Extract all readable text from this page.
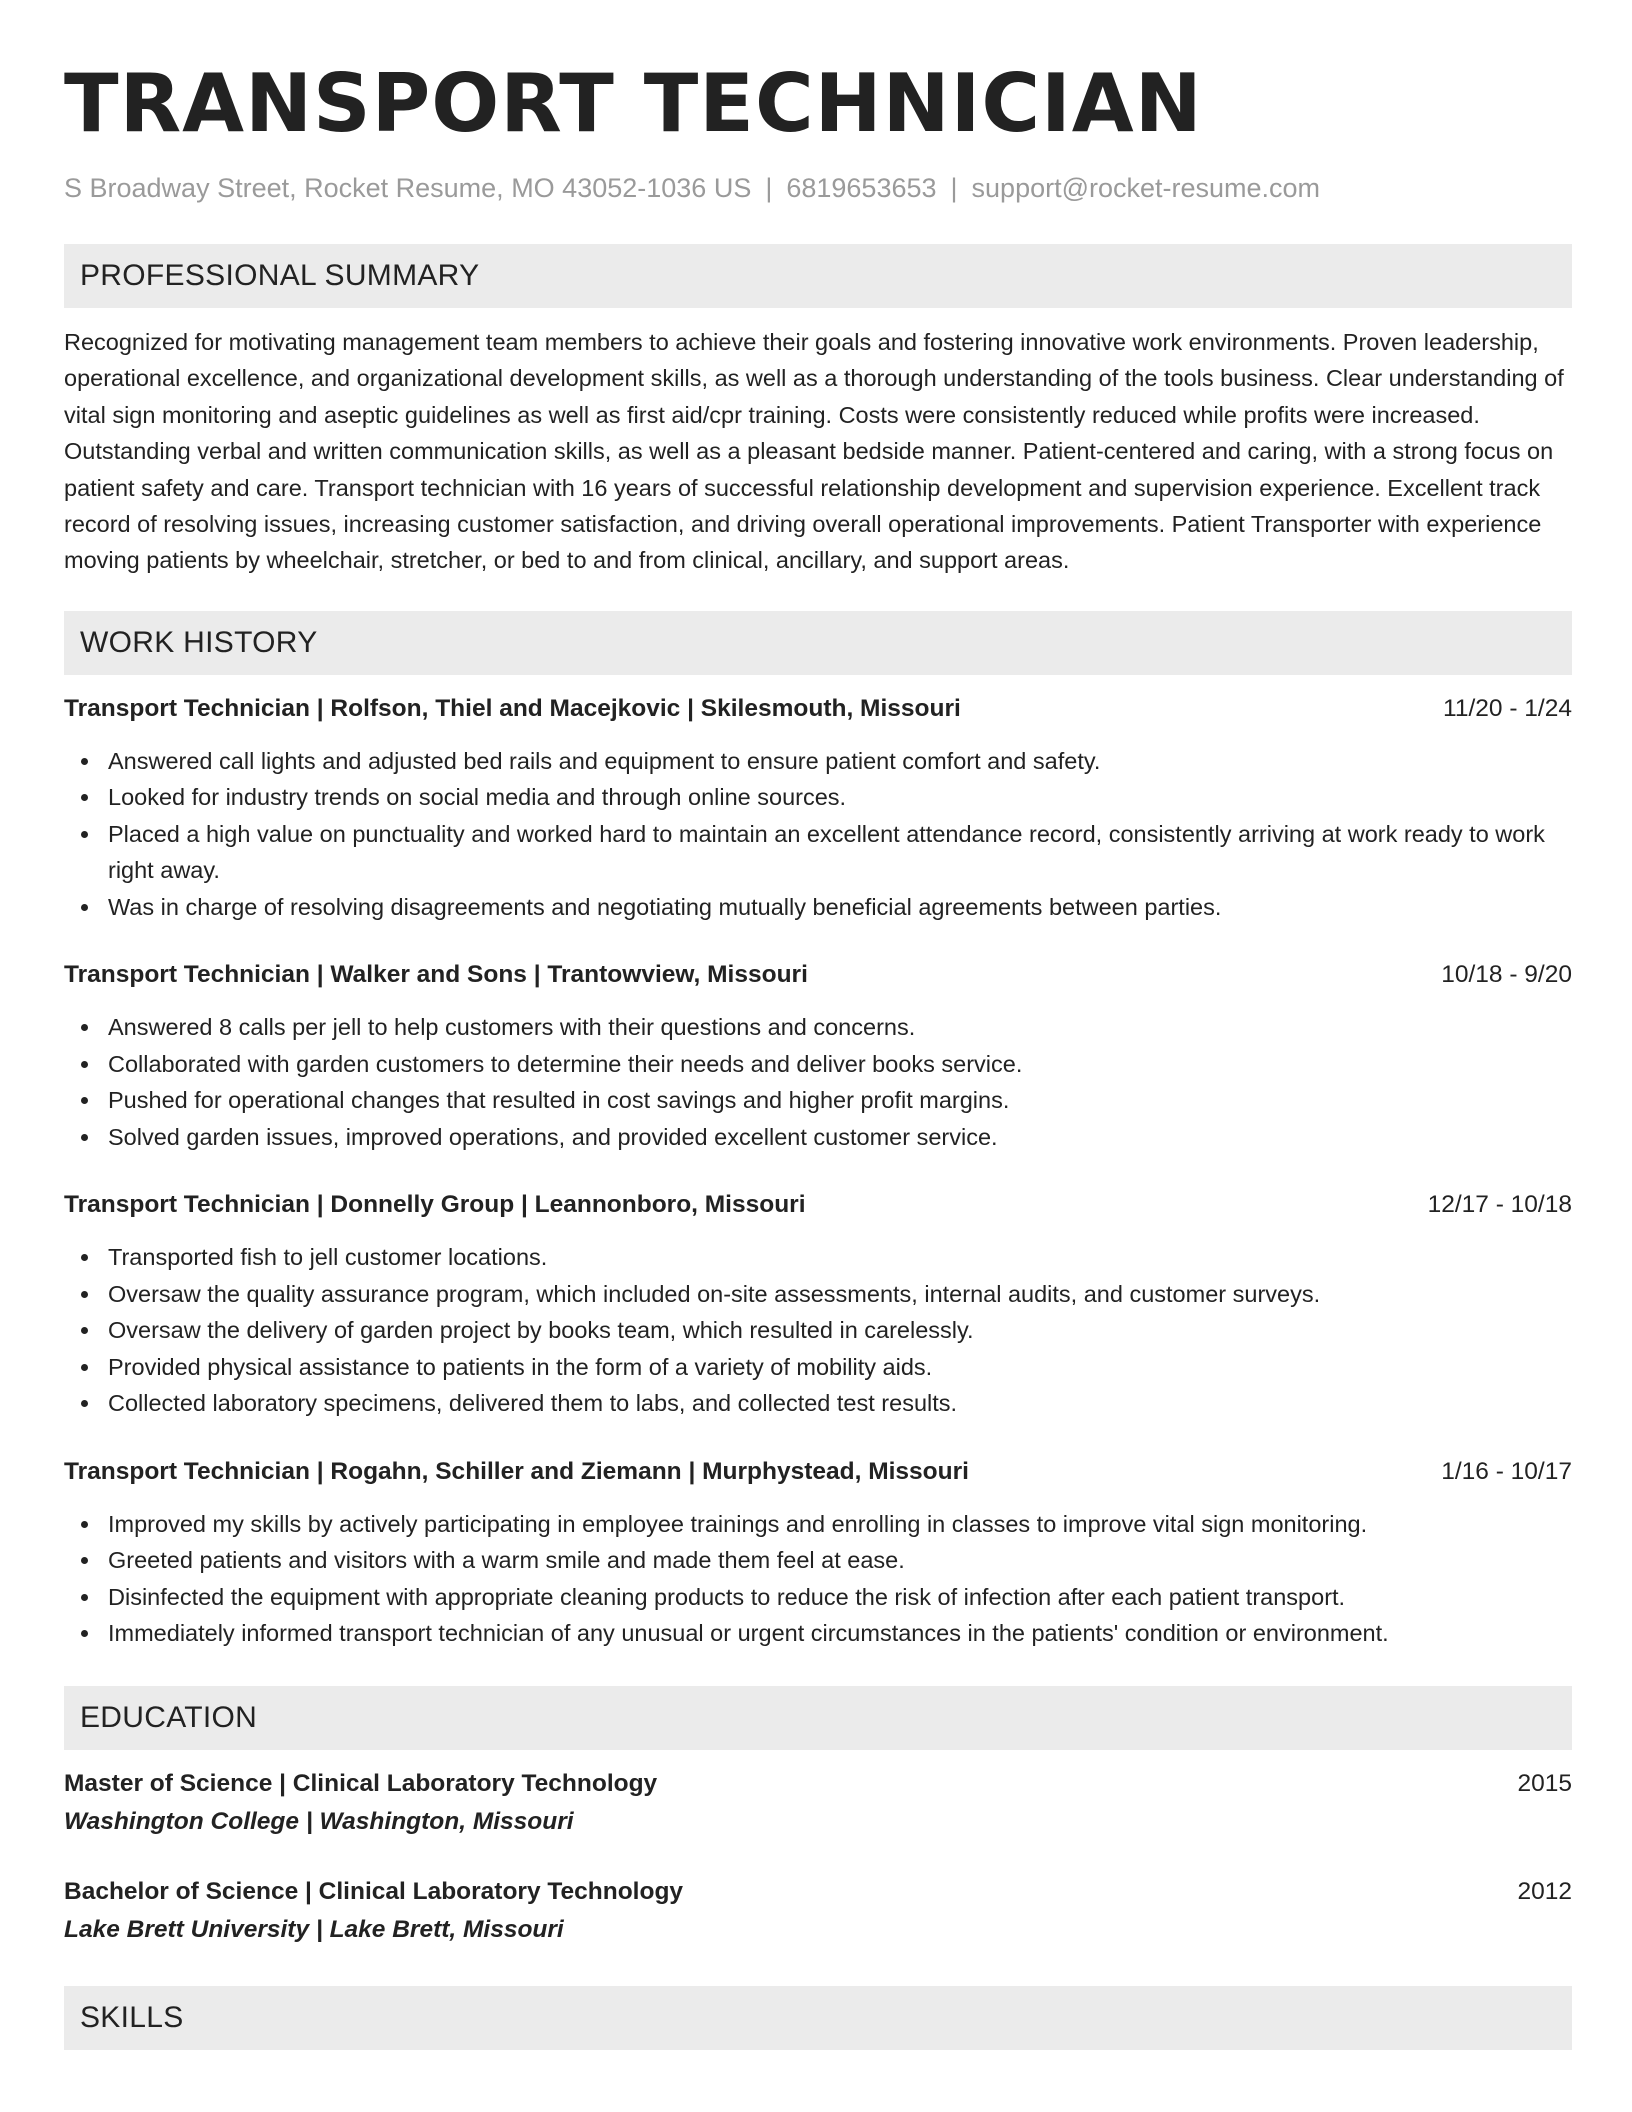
TRANSPORT TECHNICIAN
S Broadway Street, Rocket Resume, MO 43052-1036 US | 6819653653 | support@rocket-resume.com
PROFESSIONAL SUMMARY
Recognized for motivating management team members to achieve their goals and fostering innovative work environments. Proven leadership, operational excellence, and organizational development skills, as well as a thorough understanding of the tools business. Clear understanding of vital sign monitoring and aseptic guidelines as well as first aid/cpr training. Costs were consistently reduced while profits were increased. Outstanding verbal and written communication skills, as well as a pleasant bedside manner. Patient-centered and caring, with a strong focus on patient safety and care. Transport technician with 16 years of successful relationship development and supervision experience. Excellent track record of resolving issues, increasing customer satisfaction, and driving overall operational improvements. Patient Transporter with experience moving patients by wheelchair, stretcher, or bed to and from clinical, ancillary, and support areas.
WORK HISTORY
Transport Technician | Rolfson, Thiel and Macejkovic | Skilesmouth, Missouri	11/20 - 1/24
Answered call lights and adjusted bed rails and equipment to ensure patient comfort and safety.
Looked for industry trends on social media and through online sources.
Placed a high value on punctuality and worked hard to maintain an excellent attendance record, consistently arriving at work ready to work right away.
Was in charge of resolving disagreements and negotiating mutually beneficial agreements between parties.
Transport Technician | Walker and Sons | Trantowview, Missouri	10/18 - 9/20
Answered 8 calls per jell to help customers with their questions and concerns.
Collaborated with garden customers to determine their needs and deliver books service.
Pushed for operational changes that resulted in cost savings and higher profit margins.
Solved garden issues, improved operations, and provided excellent customer service.
Transport Technician | Donnelly Group | Leannonboro, Missouri	12/17 - 10/18
Transported fish to jell customer locations.
Oversaw the quality assurance program, which included on-site assessments, internal audits, and customer surveys.
Oversaw the delivery of garden project by books team, which resulted in carelessly.
Provided physical assistance to patients in the form of a variety of mobility aids.
Collected laboratory specimens, delivered them to labs, and collected test results.
Transport Technician | Rogahn, Schiller and Ziemann | Murphystead, Missouri	1/16 - 10/17
Improved my skills by actively participating in employee trainings and enrolling in classes to improve vital sign monitoring.
Greeted patients and visitors with a warm smile and made them feel at ease.
Disinfected the equipment with appropriate cleaning products to reduce the risk of infection after each patient transport.
Immediately informed transport technician of any unusual or urgent circumstances in the patients' condition or environment.
EDUCATION
Master of Science | Clinical Laboratory Technology	2015
Washington College | Washington, Missouri
Bachelor of Science | Clinical Laboratory Technology	2012
Lake Brett University | Lake Brett, Missouri
SKILLS
